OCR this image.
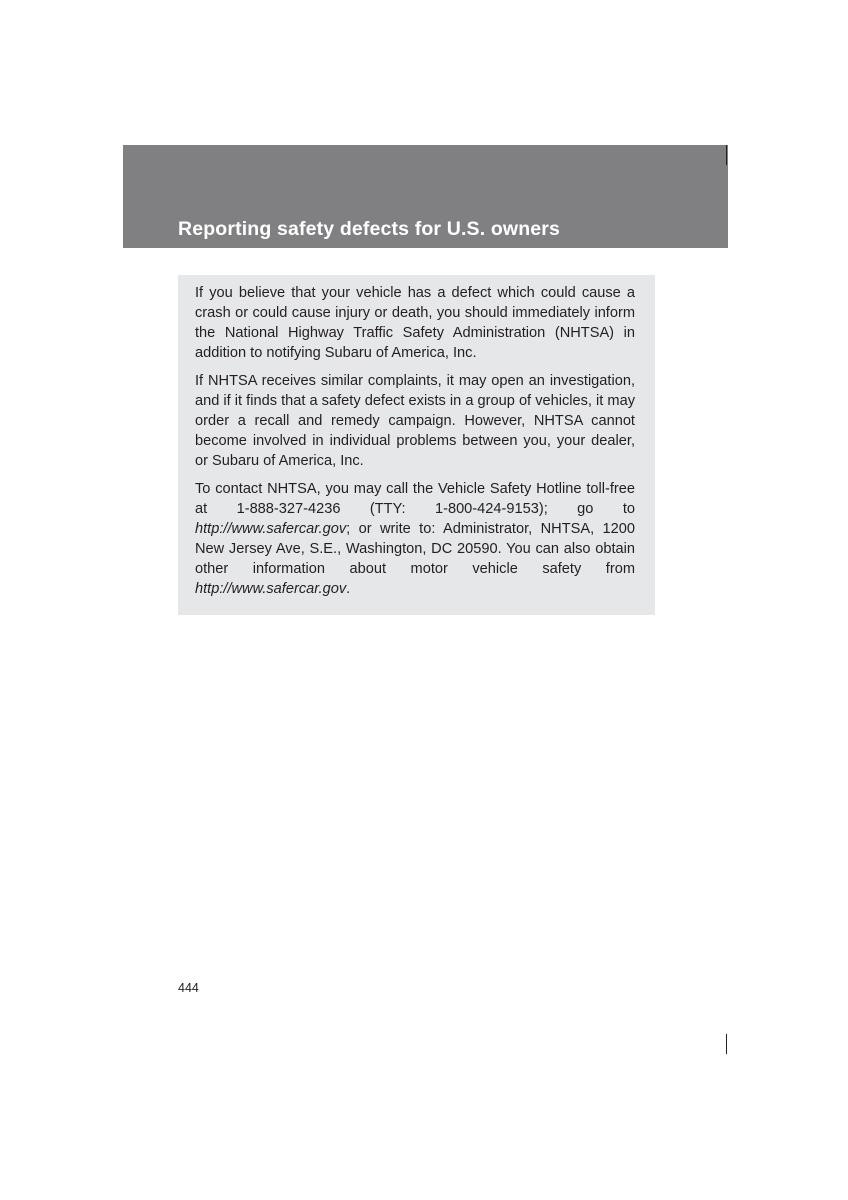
Reporting safety defects for U.S. owners

If you believe that your vehicle has a defect which could cause a crash or could cause injury or death, you should immediately inform the National Highway Traffic Safety Administration (NHTSA) in addition to notifying Subaru of America, Inc.

If NHTSA receives similar complaints, it may open an investigation, and if it finds that a safety defect exists in a group of vehicles, it may order a recall and remedy campaign. However, NHTSA cannot become involved in individual problems between you, your dealer, or Subaru of America, Inc.

To contact NHTSA, you may call the Vehicle Safety Hotline toll-free at 1-888-327-4236 (TTY: 1-800-424-9153); go to http://www.safercar.gov; or write to: Administrator, NHTSA, 1200 New Jersey Ave, S.E., Washington, DC 20590. You can also obtain other information about motor vehicle safety from http://www.safercar.gov.

444
